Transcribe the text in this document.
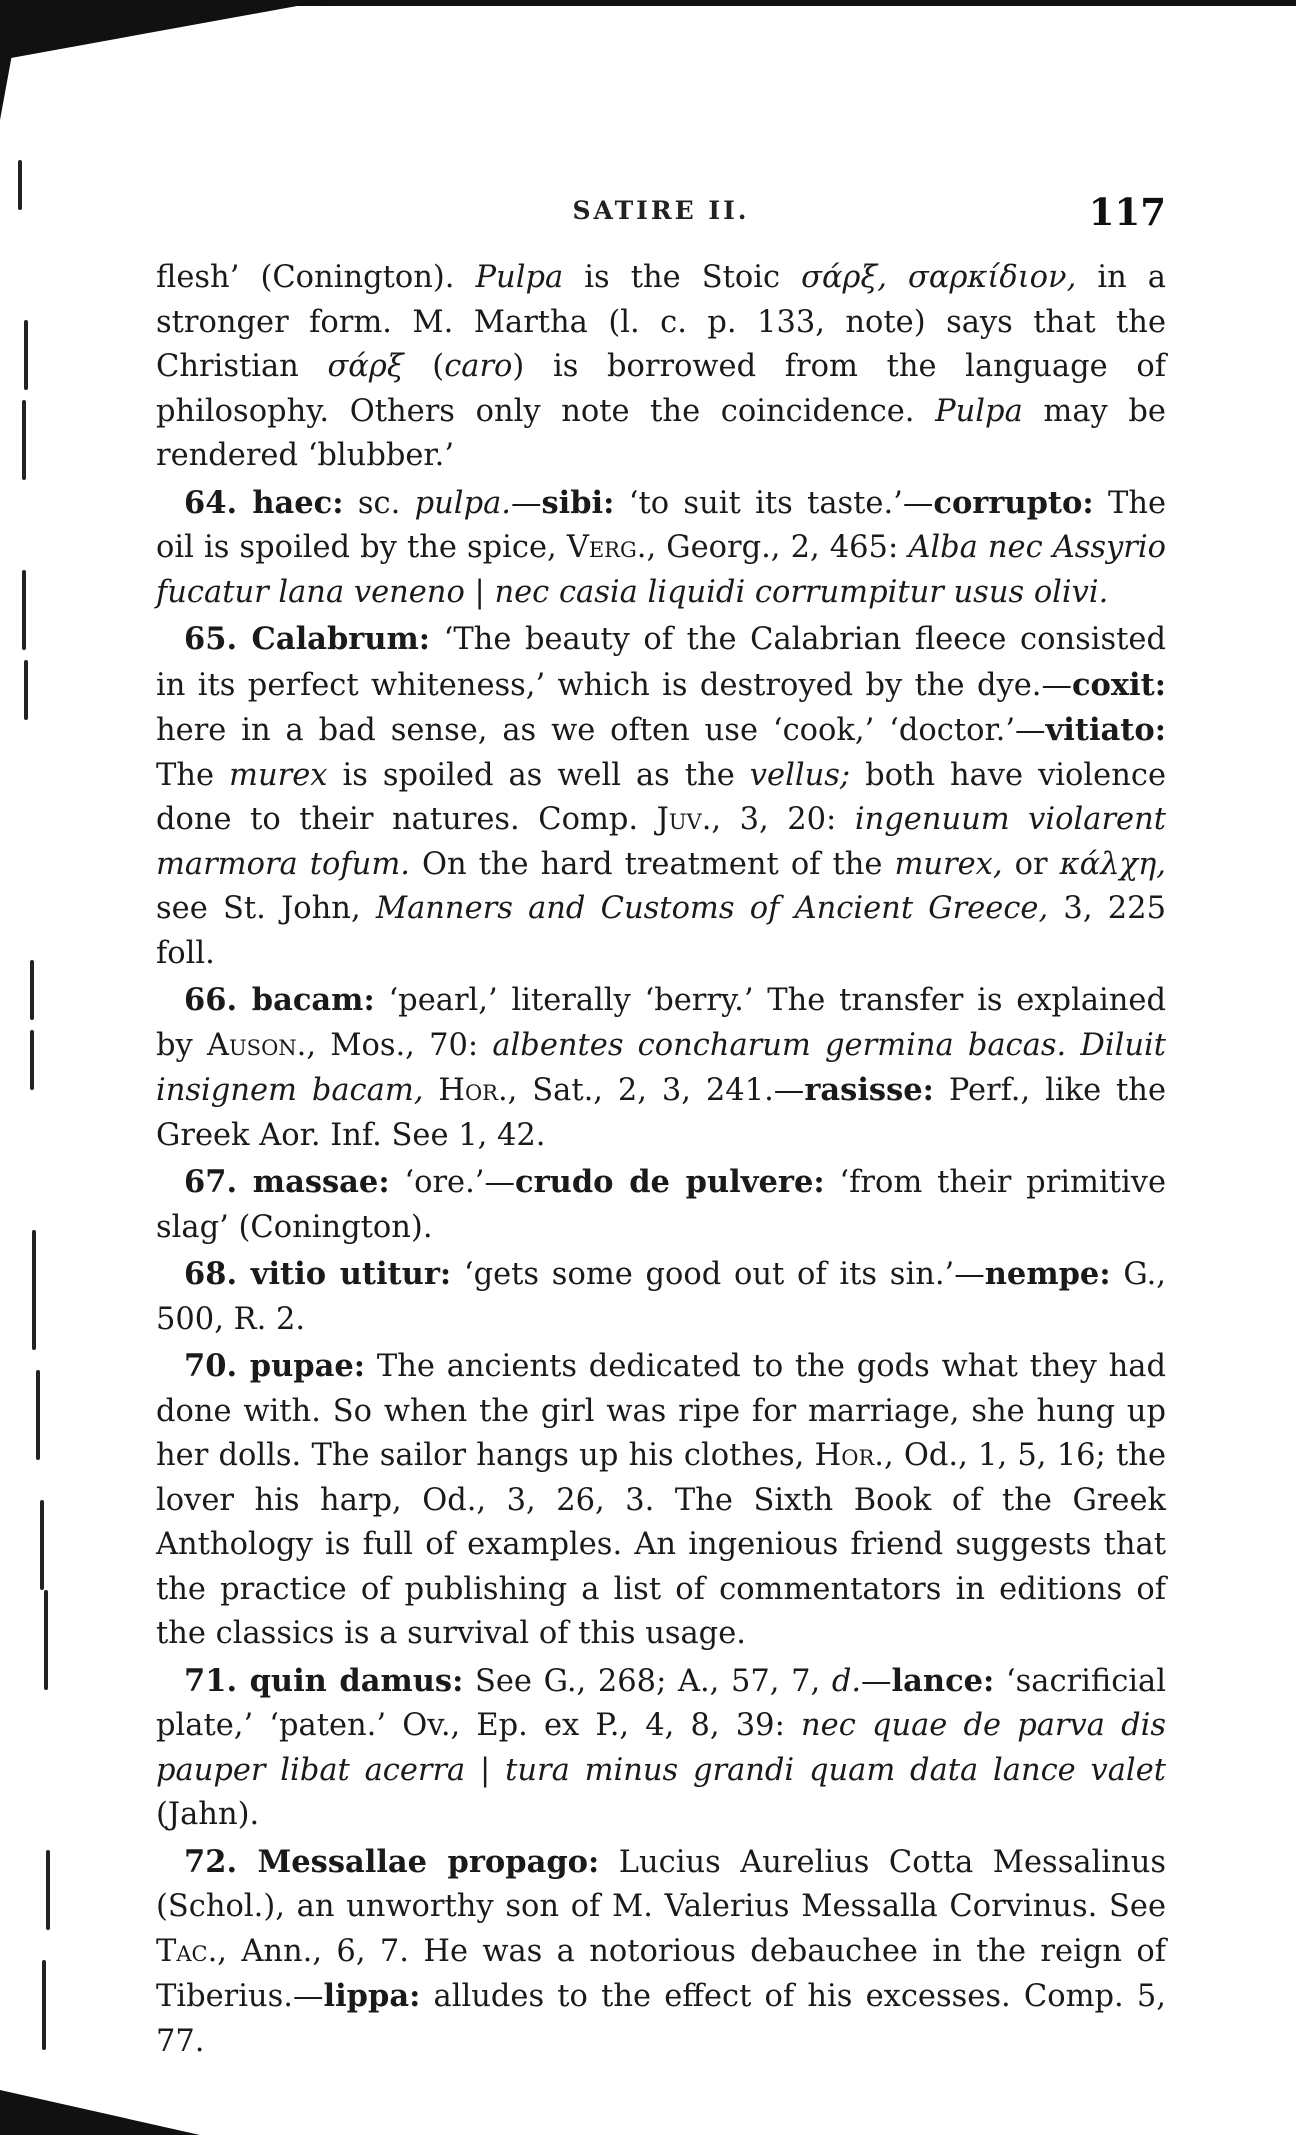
SATIRE II.	117

flesh’ (Conington). Pulpa is the Stoic σάρξ, σαρκίδιον, in a stronger form. M. Martha (l. c. p. 133, note) says that the Christian σάρξ (caro) is borrowed from the language of philosophy. Others only note the coincidence. Pulpa may be rendered ‘blubber.’

64. haec: sc. pulpa.—sibi: ‘to suit its taste.’—corrupto: The oil is spoiled by the spice, Verg., Georg., 2, 465: Alba nec Assyrio fucatur lana veneno | nec casia liquidi corrumpitur usus olivi.

65. Calabrum: ‘The beauty of the Calabrian fleece consisted in its perfect whiteness,’ which is destroyed by the dye.—coxit: here in a bad sense, as we often use ‘cook,’ ‘doctor.’—vitiato: The murex is spoiled as well as the vellus; both have violence done to their natures. Comp. Juv., 3, 20: ingenuum violarent marmora tofum. On the hard treatment of the murex, or κάλχη, see St. John, Manners and Customs of Ancient Greece, 3, 225 foll.

66. bacam: ‘pearl,’ literally ‘berry.’ The transfer is explained by Auson., Mos., 70: albentes concharum germina bacas. Diluit insignem bacam, Hor., Sat., 2, 3, 241.—rasisse: Perf., like the Greek Aor. Inf. See 1, 42.

67. massae: ‘ore.’—crudo de pulvere: ‘from their primitive slag’ (Conington).

68. vitio utitur: ‘gets some good out of its sin.’—nempe: G., 500, R. 2.

70. pupae: The ancients dedicated to the gods what they had done with. So when the girl was ripe for marriage, she hung up her dolls. The sailor hangs up his clothes, Hor., Od., 1, 5, 16; the lover his harp, Od., 3, 26, 3. The Sixth Book of the Greek Anthology is full of examples. An ingenious friend suggests that the practice of publishing a list of commentators in editions of the classics is a survival of this usage.

71. quin damus: See G., 268; A., 57, 7, d.—lance: ‘sacrificial plate,’ ‘paten.’ Ov., Ep. ex P., 4, 8, 39: nec quae de parva dis pauper libat acerra | tura minus grandi quam data lance valet (Jahn).

72. Messallae propago: Lucius Aurelius Cotta Messalinus (Schol.), an unworthy son of M. Valerius Messalla Corvinus. See Tac., Ann., 6, 7. He was a notorious debauchee in the reign of Tiberius.—lippa: alludes to the effect of his excesses. Comp. 5, 77.
